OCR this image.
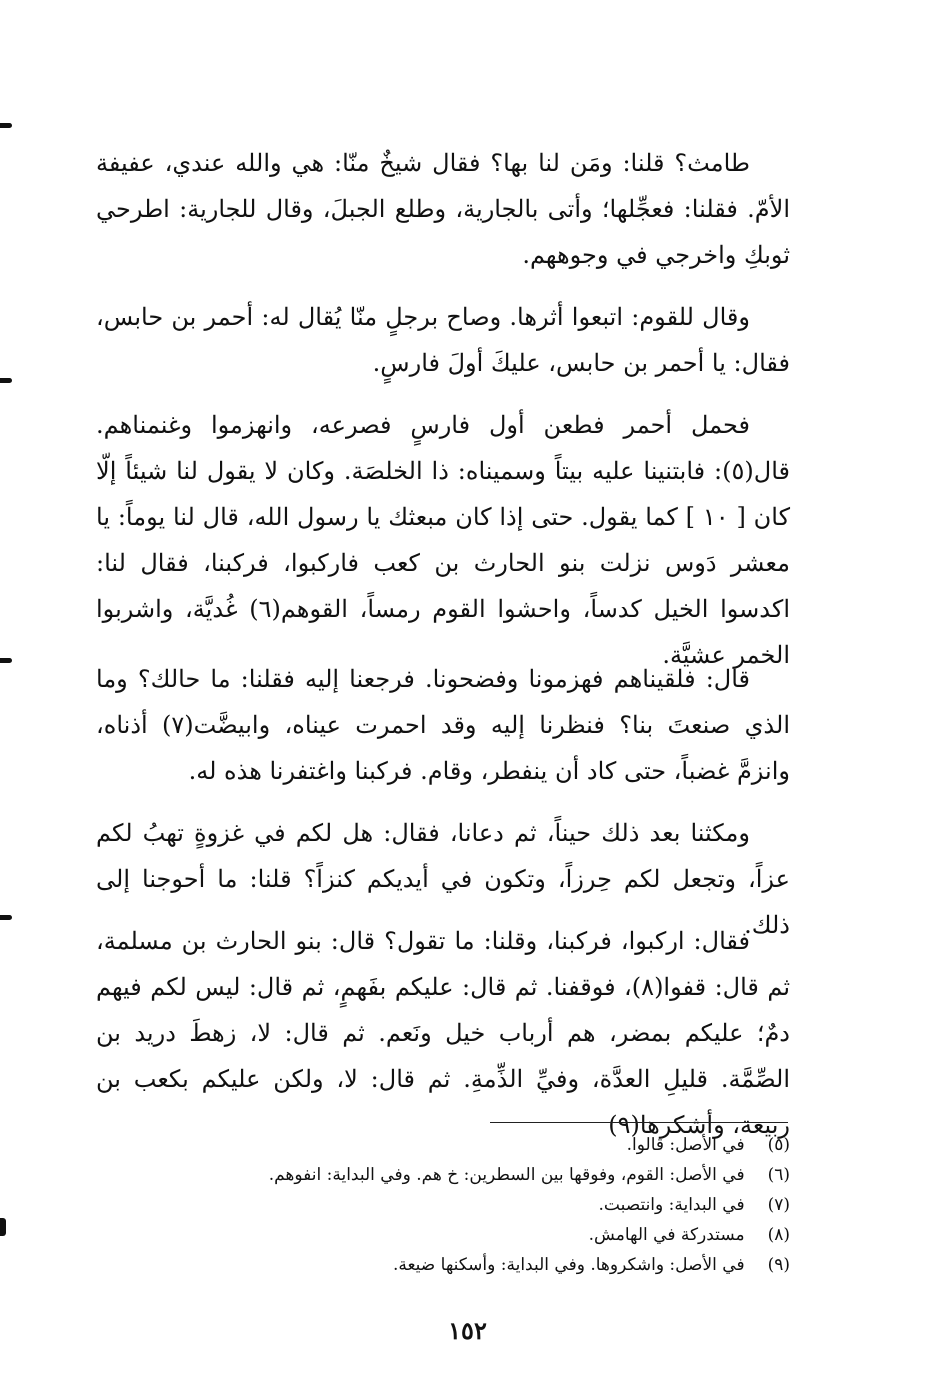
طامث؟ قلنا: ومَن لنا بها؟ فقال شيخٌ منّا: هي والله عندي، عفيفة الأمّ. فقلنا: فعجِّلها؛ وأتى بالجارية، وطلع الجبلَ، وقال للجارية: اطرحي ثوبكِ واخرجي في وجوههم.

وقال للقوم: اتبعوا أثرها. وصاح برجلٍ منّا يُقال له: أحمر بن حابس، فقال: يا أحمر بن حابس، عليكَ أولَ فارسٍ.

فحمل أحمر فطعن أول فارسٍ فصرعه، وانهزموا وغنمناهم. قال(٥): فابتنينا عليه بيتاً وسميناه: ذا الخلصَة. وكان لا يقول لنا شيئاً إلّا كان [ ١٠ ] كما يقول. حتى إذا كان مبعثك يا رسول الله، قال لنا يوماً: يا معشر دَوس نزلت بنو الحارث بن كعب فاركبوا، فركبنا، فقال لنا: اكدسوا الخيل كدساً، واحشوا القوم رمساً، القوهم(٦) غُديَّة، واشربوا الخمر عشيَّة.

قال: فلقيناهم فهزمونا وفضحونا. فرجعنا إليه فقلنا: ما حالك؟ وما الذي صنعتَ بنا؟ فنظرنا إليه وقد احمرت عيناه، وابيضَّت(٧) أذناه، وانزمَّ غضباً، حتى كاد أن ينفطر، وقام. فركبنا واغتفرنا هذه له.

ومكثنا بعد ذلك حيناً، ثم دعانا، فقال: هل لكم في غزوةٍ تهبُ لكم عزاً، وتجعل لكم حِرزاً، وتكون في أيديكم كنزاً؟ قلنا: ما أحوجنا إلى ذلك.

فقال: اركبوا، فركبنا، وقلنا: ما تقول؟ قال: بنو الحارث بن مسلمة، ثم قال: قفوا(٨)، فوقفنا. ثم قال: عليكم بفَهمٍ، ثم قال: ليس لكم فيهم دمٌ؛ عليكم بمضر، هم أرباب خيل ونَعم. ثم قال: لا، زهطَ دريد بن الصِّمَّة. قليلِ العدَّة، وفيِّ الذِّمةِ. ثم قال: لا، ولكن عليكم بكعب بن ربيعة، وأشكرها(٩)

(٥) في الأصل: قالوا.
(٦) في الأصل: القوم، وفوقها بين السطرين: خ هم. وفي البداية: انفوهم.
(٧) في البداية: وانتصبت.
(٨) مستدركة في الهامش.
(٩) في الأصل: واشكروها. وفي البداية: وأسكنها ضيعة.
١٥٢
